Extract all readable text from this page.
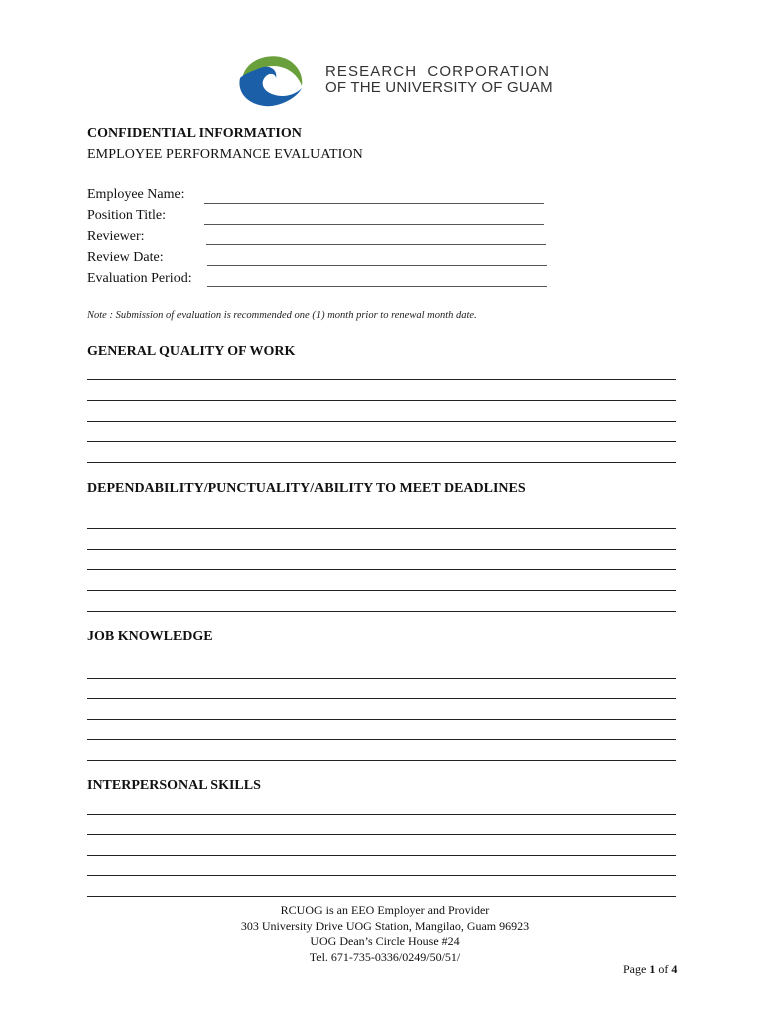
RESEARCH CORPORATION
OF THE UNIVERSITY OF GUAM
CONFIDENTIAL INFORMATION
EMPLOYEE PERFORMANCE EVALUATION
Employee Name:
Position Title:
Reviewer:
Review Date:
Evaluation Period:
Note : Submission of evaluation is recommended one (1) month prior to renewal month date.
GENERAL QUALITY OF WORK
DEPENDABILITY/PUNCTUALITY/ABILITY TO MEET DEADLINES
JOB KNOWLEDGE
INTERPERSONAL SKILLS
RCUOG is an EEO Employer and Provider
303 University Drive UOG Station, Mangilao, Guam 96923
UOG Dean’s Circle House #24
Tel. 671-735-0336/0249/50/51/
Page 1 of 4
